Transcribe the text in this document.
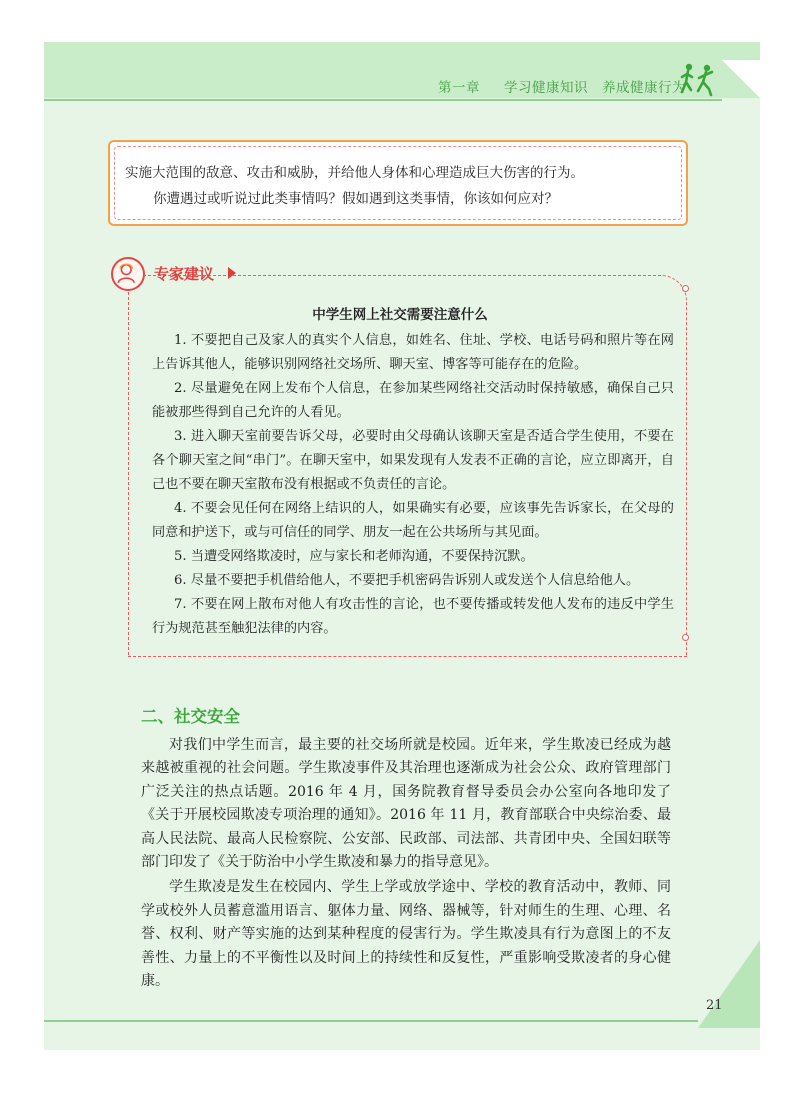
第一章 学习健康知识　养成健康行为

实施大范围的敌意、攻击和威胁，并给他人身体和心理造成巨大伤害的行为。

你遭遇过或听说过此类事情吗？假如遇到这类事情，你该如何应对？

专家建议
中学生网上社交需要注意什么

1. 不要把自己及家人的真实个人信息，如姓名、住址、学校、电话号码和照片等在网上告诉其他人，能够识别网络社交场所、聊天室、博客等可能存在的危险。

2. 尽量避免在网上发布个人信息，在参加某些网络社交活动时保持敏感，确保自己只能被那些得到自己允许的人看见。

3. 进入聊天室前要告诉父母，必要时由父母确认该聊天室是否适合学生使用，不要在各个聊天室之间“串门”。在聊天室中，如果发现有人发表不正确的言论，应立即离开，自己也不要在聊天室散布没有根据或不负责任的言论。

4. 不要会见任何在网络上结识的人，如果确实有必要，应该事先告诉家长，在父母的同意和护送下，或与可信任的同学、朋友一起在公共场所与其见面。

5. 当遭受网络欺凌时，应与家长和老师沟通，不要保持沉默。

6. 尽量不要把手机借给他人，不要把手机密码告诉别人或发送个人信息给他人。

7. 不要在网上散布对他人有攻击性的言论，也不要传播或转发他人发布的违反中学生行为规范甚至触犯法律的内容。

二、社交安全

对我们中学生而言，最主要的社交场所就是校园。近年来，学生欺凌已经成为越来越被重视的社会问题。学生欺凌事件及其治理也逐渐成为社会公众、政府管理部门广泛关注的热点话题。2016 年 4 月，国务院教育督导委员会办公室向各地印发了《关于开展校园欺凌专项治理的通知》。2016 年 11 月，教育部联合中央综治委、最高人民法院、最高人民检察院、公安部、民政部、司法部、共青团中央、全国妇联等部门印发了《关于防治中小学生欺凌和暴力的指导意见》。

学生欺凌是发生在校园内、学生上学或放学途中、学校的教育活动中，教师、同学或校外人员蓄意滥用语言、躯体力量、网络、器械等，针对师生的生理、心理、名誉、权利、财产等实施的达到某种程度的侵害行为。学生欺凌具有行为意图上的不友善性、力量上的不平衡性以及时间上的持续性和反复性，严重影响受欺凌者的身心健康。

21
